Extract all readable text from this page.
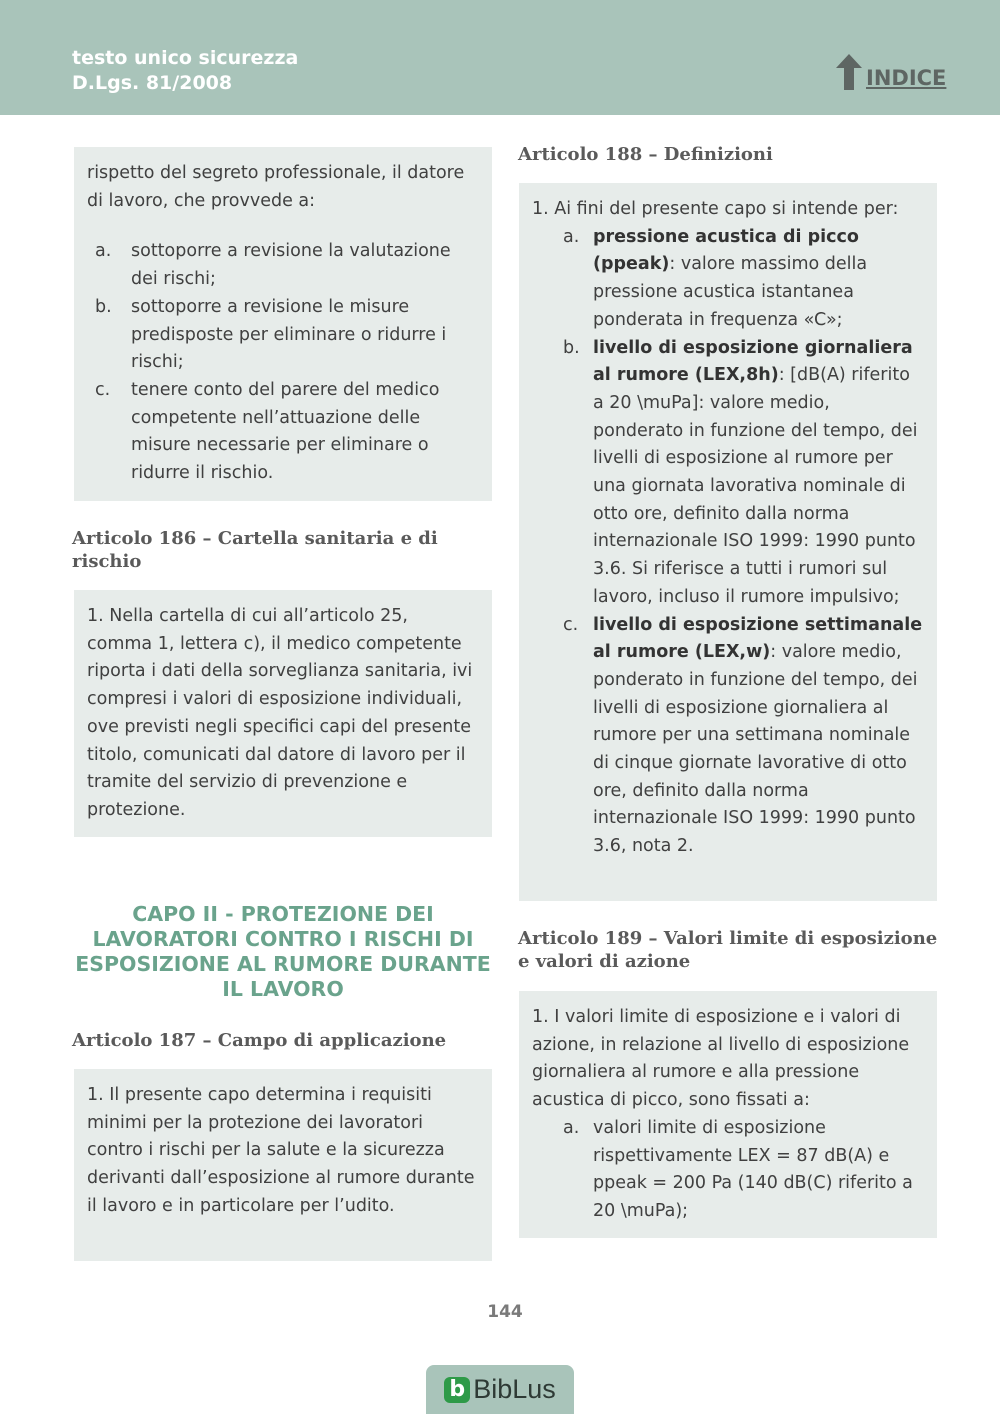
testo unico sicurezza
D.Lgs. 81/2008	INDICE

rispetto del segreto professionale, il datore di lavoro, che provvede a:

a. sottoporre a revisione la valutazione dei rischi;
b. sottoporre a revisione le misure predisposte per eliminare o ridurre i rischi;
c. tenere conto del parere del medico competente nell’attuazione delle misure necessarie per eliminare o ridurre il rischio.
Articolo 186 – Cartella sanitaria e di rischio

1. Nella cartella di cui all’articolo 25, comma 1, lettera c), il medico competente riporta i dati della sorveglianza sanitaria, ivi compresi i valori di esposizione individuali, ove previsti negli specifici capi del presente titolo, comunicati dal datore di lavoro per il tramite del servizio di prevenzione e protezione.

CAPO II - PROTEZIONE DEI LAVORATORI CONTRO I RISCHI DI ESPOSIZIONE AL RUMORE DURANTE IL LAVORO
Articolo 187 – Campo di applicazione

1. Il presente capo determina i requisiti minimi per la protezione dei lavoratori contro i rischi per la salute e la sicurezza derivanti dall’esposizione al rumore durante il lavoro e in particolare per l’udito.

Articolo 188 – Definizioni

1. Ai fini del presente capo si intende per:

a. pressione acustica di picco (ppeak): valore massimo della pressione acustica istantanea ponderata in frequenza «C»;
b. livello di esposizione giornaliera al rumore (LEX,8h): [dB(A) riferito a 20 \muPa]: valore medio, ponderato in funzione del tempo, dei livelli di esposizione al rumore per una giornata lavorativa nominale di otto ore, definito dalla norma internazionale ISO 1999: 1990 punto 3.6. Si riferisce a tutti i rumori sul lavoro, incluso il rumore impulsivo;
c. livello di esposizione settimanale al rumore (LEX,w): valore medio, ponderato in funzione del tempo, dei livelli di esposizione giornaliera al rumore per una settimana nominale di cinque giornate lavorative di otto ore, definito dalla norma internazionale ISO 1999: 1990 punto 3.6, nota 2.
Articolo 189 – Valori limite di esposizione e valori di azione

1. I valori limite di esposizione e i valori di azione, in relazione al livello di esposizione giornaliera al rumore e alla pressione acustica di picco, sono fissati a:

a. valori limite di esposizione rispettivamente LEX = 87 dB(A) e ppeak = 200 Pa (140 dB(C) riferito a 20 \muPa);
144
b BibLus
